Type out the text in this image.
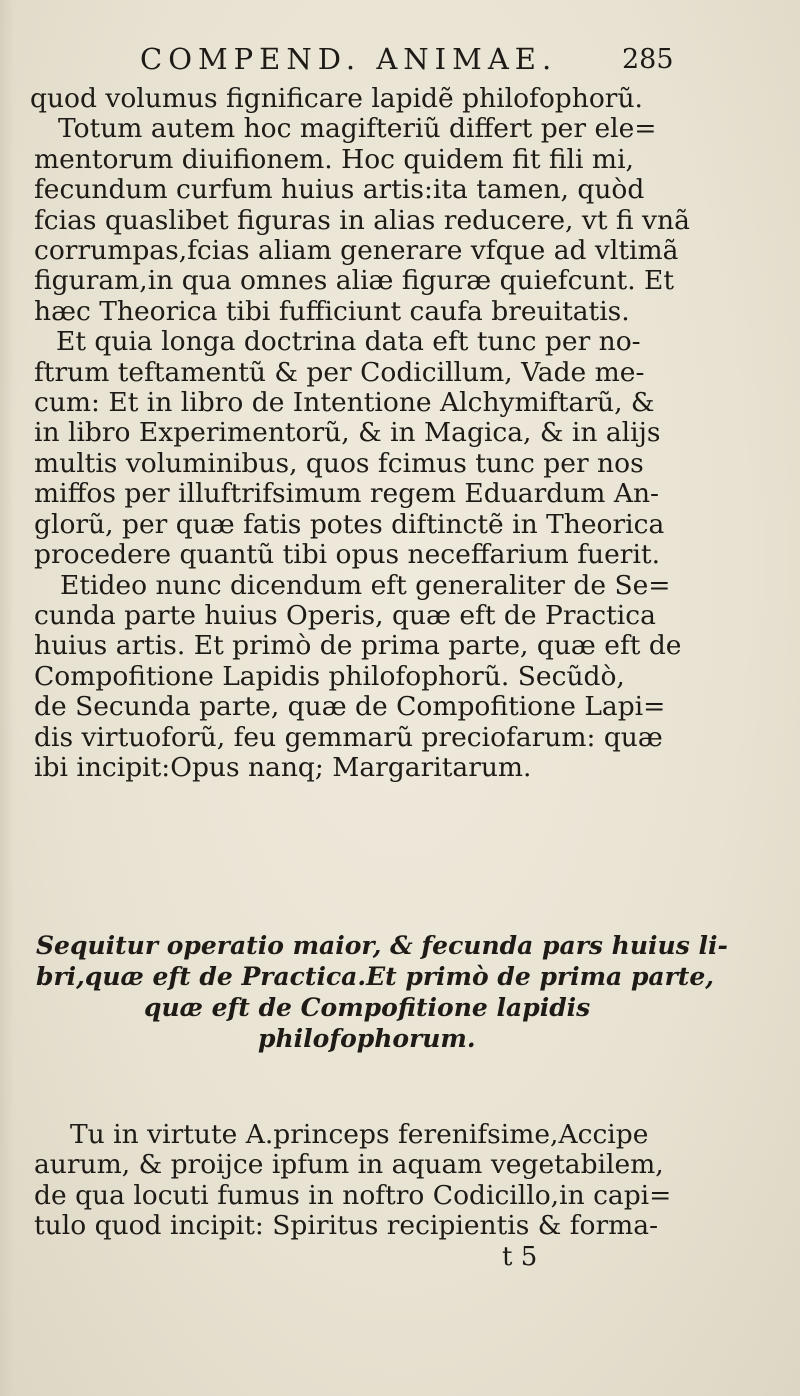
COMPEND. ANIMAE. 285
quod volumus fignificare lapidẽ philofophorũ.
Totum autem hoc magifteriũ differt per ele=
mentorum diuifionem. Hoc quidem fit fili mi,
fecundum curfum huius artis:ita tamen, quòd
fcias quaslibet figuras in alias reducere, vt fi vnã
corrumpas,fcias aliam generare vfque ad vltimã
figuram,in qua omnes aliæ figuræ quiefcunt. Et
hæc Theorica tibi fufficiunt caufa breuitatis.
Et quia longa doctrina data eft tunc per no-
ftrum teftamentũ & per Codicillum, Vade me-
cum: Et in libro de Intentione Alchymiftarũ, &
in libro Experimentorũ, & in Magica, & in alijs
multis voluminibus, quos fcimus tunc per nos
miffos per illuftrifsimum regem Eduardum An-
glorũ, per quæ fatis potes diftinctẽ in Theorica
procedere quantũ tibi opus neceffarium fuerit.
Etideo nunc dicendum eft generaliter de Se=
cunda parte huius Operis, quæ eft de Practica
huius artis. Et primò de prima parte, quæ eft de
Compofitione Lapidis philofophorũ. Secũdò,
de Secunda parte, quæ de Compofitione Lapi=
dis virtuoforũ, feu gemmarũ preciofarum: quæ
ibi incipit:Opus nanq; Margaritarum.
Sequitur operatio maior, & fecunda pars huius li-
bri,quæ eft de Practica.Et primò de prima parte,
quæ eft de Compofitione lapidis
philofophorum.
Tu in virtute A.princeps ferenifsime,Accipe
aurum, & proijce ipfum in aquam vegetabilem,
de qua locuti fumus in noftro Codicillo,in capi=
tulo quod incipit: Spiritus recipientis & forma-
t 5
